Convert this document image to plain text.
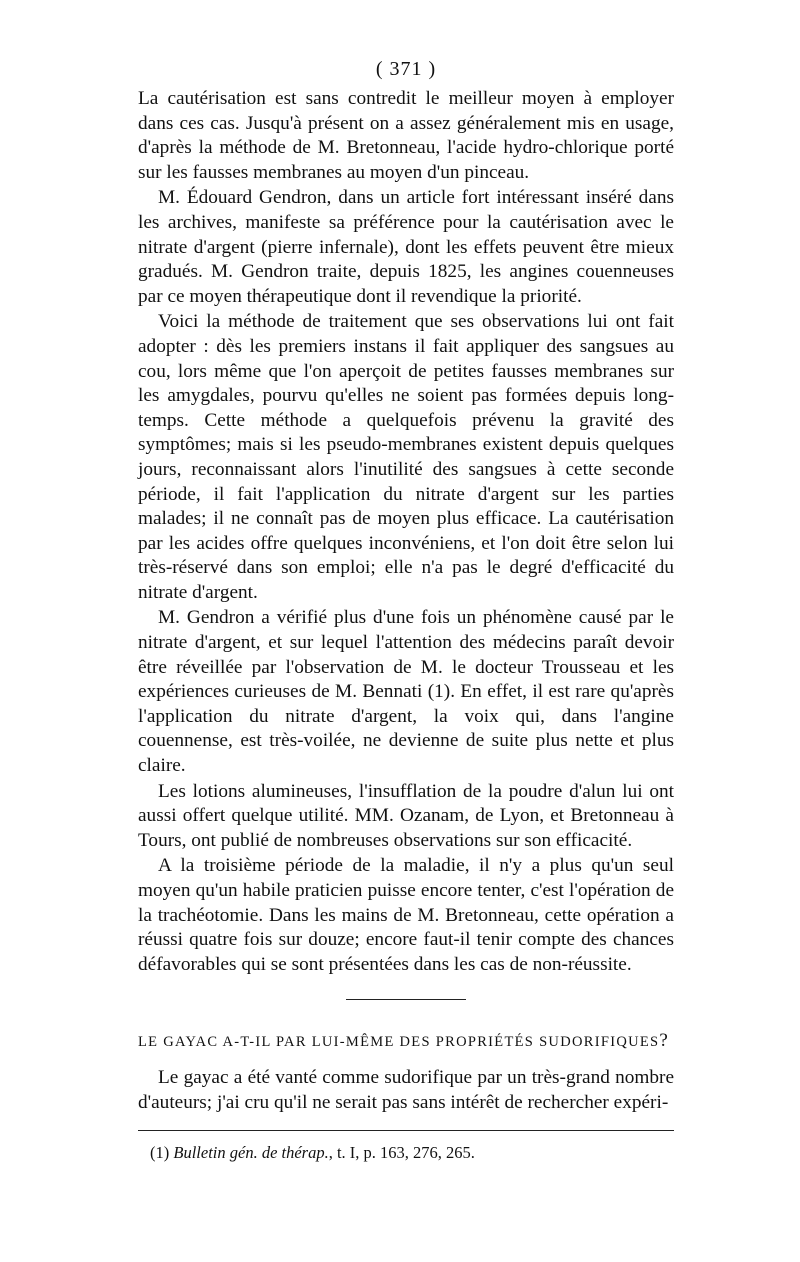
( 371 )

La cautérisation est sans contredit le meilleur moyen à employer dans ces cas. Jusqu'à présent on a assez généralement mis en usage, d'après la méthode de M. Bretonneau, l'acide hydro-chlorique porté sur les fausses membranes au moyen d'un pinceau.

M. Édouard Gendron, dans un article fort intéressant inséré dans les archives, manifeste sa préférence pour la cautérisation avec le nitrate d'argent (pierre infernale), dont les effets peuvent être mieux gradués. M. Gendron traite, depuis 1825, les angines couenneuses par ce moyen thérapeutique dont il revendique la priorité.

Voici la méthode de traitement que ses observations lui ont fait adopter : dès les premiers instans il fait appliquer des sangsues au cou, lors même que l'on aperçoit de petites fausses membranes sur les amygdales, pourvu qu'elles ne soient pas formées depuis long-temps. Cette méthode a quelquefois prévenu la gravité des symptômes; mais si les pseudo-membranes existent depuis quelques jours, reconnaissant alors l'inutilité des sangsues à cette seconde période, il fait l'application du nitrate d'argent sur les parties malades; il ne connaît pas de moyen plus efficace. La cautérisation par les acides offre quelques inconvéniens, et l'on doit être selon lui très-réservé dans son emploi; elle n'a pas le degré d'efficacité du nitrate d'argent.

M. Gendron a vérifié plus d'une fois un phénomène causé par le nitrate d'argent, et sur lequel l'attention des médecins paraît devoir être réveillée par l'observation de M. le docteur Trousseau et les expériences curieuses de M. Bennati (1). En effet, il est rare qu'après l'application du nitrate d'argent, la voix qui, dans l'angine couennense, est très-voilée, ne devienne de suite plus nette et plus claire.

Les lotions alumineuses, l'insufflation de la poudre d'alun lui ont aussi offert quelque utilité. MM. Ozanam, de Lyon, et Bretonneau à Tours, ont publié de nombreuses observations sur son efficacité.

A la troisième période de la maladie, il n'y a plus qu'un seul moyen qu'un habile praticien puisse encore tenter, c'est l'opération de la trachéotomie. Dans les mains de M. Bretonneau, cette opération a réussi quatre fois sur douze; encore faut-il tenir compte des chances défavorables qui se sont présentées dans les cas de non-réussite.

LE GAYAC A-T-IL PAR LUI-MÊME DES PROPRIÉTÉS SUDORIFIQUES?

Le gayac a été vanté comme sudorifique par un très-grand nombre d'auteurs; j'ai cru qu'il ne serait pas sans intérêt de rechercher expéri-

(1) Bulletin gén. de thérap., t. I, p. 163, 276, 265.
